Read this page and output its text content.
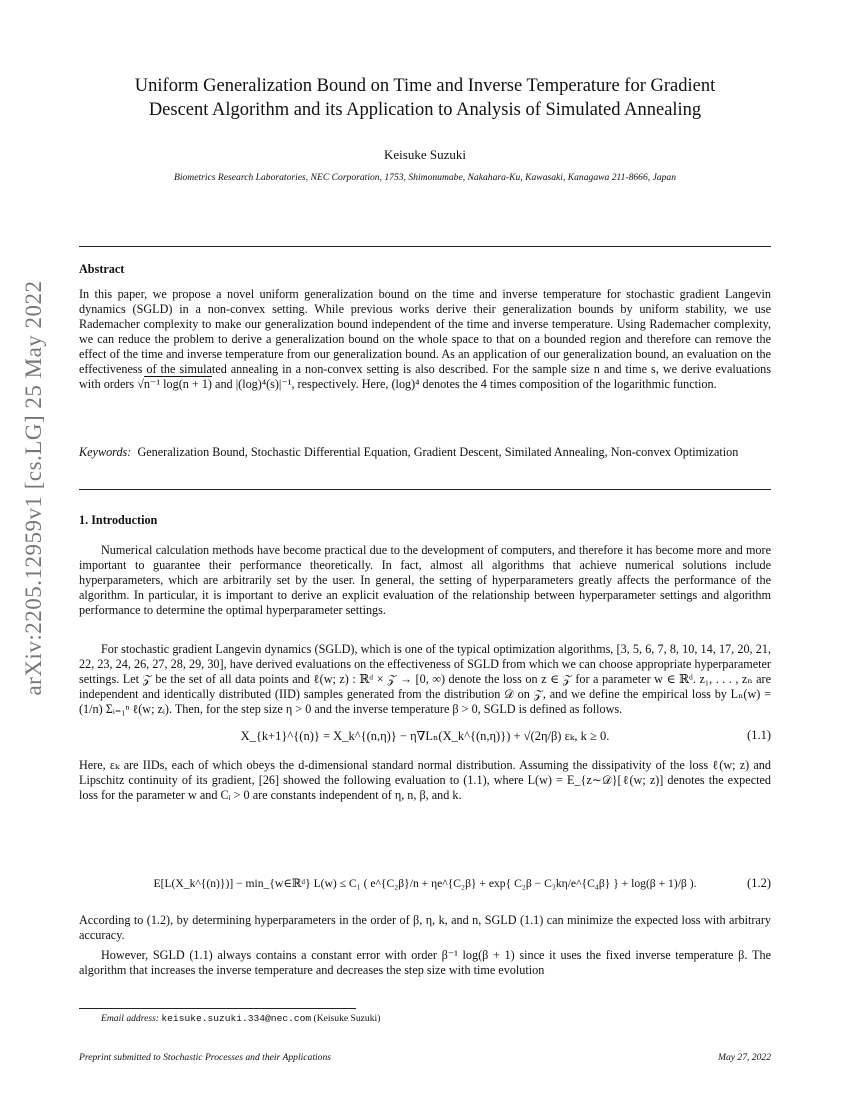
arXiv:2205.12959v1 [cs.LG] 25 May 2022
Uniform Generalization Bound on Time and Inverse Temperature for Gradient
Descent Algorithm and its Application to Analysis of Simulated Annealing
Keisuke Suzuki
Biometrics Research Laboratories, NEC Corporation, 1753, Shimonumabe, Nakahara-Ku, Kawasaki, Kanagawa 211-8666, Japan
Abstract
In this paper, we propose a novel uniform generalization bound on the time and inverse temperature for stochastic gradient Langevin dynamics (SGLD) in a non-convex setting. While previous works derive their generalization bounds by uniform stability, we use Rademacher complexity to make our generalization bound independent of the time and inverse temperature. Using Rademacher complexity, we can reduce the problem to derive a generalization bound on the whole space to that on a bounded region and therefore can remove the effect of the time and inverse temperature from our generalization bound. As an application of our generalization bound, an evaluation on the effectiveness of the simulated annealing in a non-convex setting is also described. For the sample size n and time s, we derive evaluations with orders √n⁻¹ log(n + 1) and |(log)⁴(s)|⁻¹, respectively. Here, (log)⁴ denotes the 4 times composition of the logarithmic function.
Keywords: Generalization Bound, Stochastic Differential Equation, Gradient Descent, Similated Annealing, Non-convex Optimization
1. Introduction
Numerical calculation methods have become practical due to the development of computers, and therefore it has become more and more important to guarantee their performance theoretically. In fact, almost all algorithms that achieve numerical solutions include hyperparameters, which are arbitrarily set by the user. In general, the setting of hyperparameters greatly affects the performance of the algorithm. In particular, it is important to derive an explicit evaluation of the relationship between hyperparameter settings and algorithm performance to determine the optimal hyperparameter settings.
For stochastic gradient Langevin dynamics (SGLD), which is one of the typical optimization algorithms, [3, 5, 6, 7, 8, 10, 14, 17, 20, 21, 22, 23, 24, 26, 27, 28, 29, 30], have derived evaluations on the effectiveness of SGLD from which we can choose appropriate hyperparameter settings. Let 𝒵 be the set of all data points and ℓ(w; z) : ℝᵈ × 𝒵 → [0, ∞) denote the loss on z ∈ 𝒵 for a parameter w ∈ ℝᵈ. z₁, . . . , zₙ are independent and identically distributed (IID) samples generated from the distribution 𝒟 on 𝒵, and we define the empirical loss by Lₙ(w) = (1/n) Σᵢ₌₁ⁿ ℓ(w; zᵢ). Then, for the step size η > 0 and the inverse temperature β > 0, SGLD is defined as follows.
X_{k+1}^{(n)} = X_k^{(n,η)} − η∇Lₙ(X_k^{(n,η)}) + √(2η/β) εₖ, k ≥ 0.	(1.1)
Here, εₖ are IIDs, each of which obeys the d-dimensional standard normal distribution. Assuming the dissipativity of the loss ℓ(w; z) and Lipschitz continuity of its gradient, [26] showed the following evaluation to (1.1), where L(w) = E_{z∼𝒟}[ℓ(w; z)] denotes the expected loss for the parameter w and Cᵢ > 0 are constants independent of η, n, β, and k.
E[L(X_k^{(n)})] − min_{w∈ℝᵈ} L(w) ≤ C₁ ( e^{C₂β}/n + ηe^{C₂β} + exp{ C₂β − C₃kη/e^{C₄β} } + log(β + 1)/β ).	(1.2)
According to (1.2), by determining hyperparameters in the order of β, η, k, and n, SGLD (1.1) can minimize the expected loss with arbitrary accuracy.
However, SGLD (1.1) always contains a constant error with order β⁻¹ log(β + 1) since it uses the fixed inverse temperature β. The algorithm that increases the inverse temperature and decreases the step size with time evolution
Email address: keisuke.suzuki.334@nec.com (Keisuke Suzuki)
Preprint submitted to Stochastic Processes and their Applications	May 27, 2022
